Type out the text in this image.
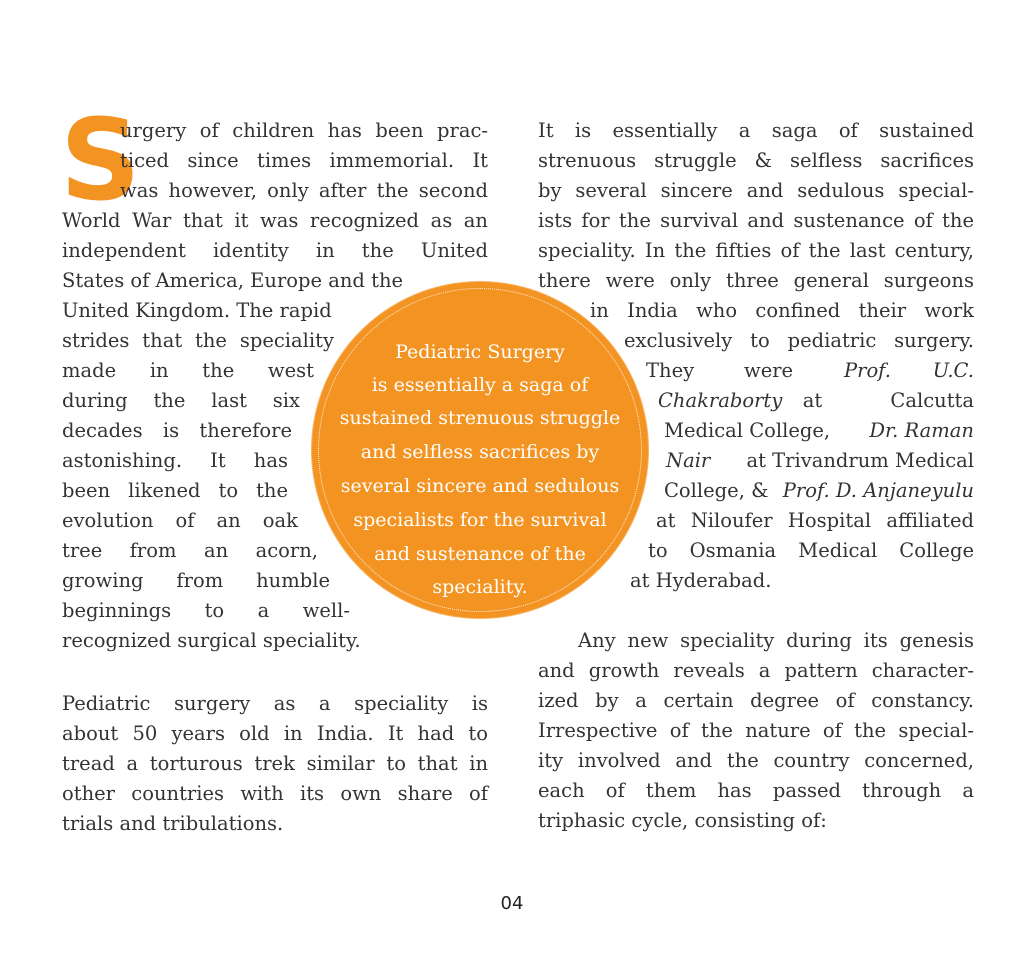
S
urgery of children has been prac-
ticed since times immemorial. It
was however, only after the second
World War that it was recognized as an
independent identity in the United
States of America, Europe and the
United Kingdom. The rapid
strides that the speciality
made in the west
during the last six
decades is therefore
astonishing. It has
been likened to the
evolution of an oak
tree from an acorn,
growing from humble
beginnings to a well-
recognized surgical speciality.
Pediatric surgery as a speciality is
about 50 years old in India. It had to
tread a torturous trek similar to that in
other countries with its own share of
trials and tribulations.
It is essentially a saga of sustained
strenuous struggle & selfless sacrifices
by several sincere and sedulous special-
ists for the survival and sustenance of the
speciality. In the fifties of the last century,
there were only three general surgeons
in India who confined their work
exclusively to pediatric surgery.
They	were	Prof. U.C.
Chakraborty at           Calcutta
Medical College, Dr. Raman
Nair at Trivandrum Medical
College, & Prof. D. Anjaneyulu
at Niloufer Hospital affiliated
to Osmania Medical College
at Hyderabad.
Any new speciality during its genesis
and growth reveals a pattern character-
ized by a certain degree of constancy.
Irrespective of the nature of the special-
ity involved and the country concerned,
each of them has passed through a
triphasic cycle, consisting of:
Pediatric Surgery
is essentially a saga of
sustained strenuous struggle
and selfless sacrifices by
several sincere and sedulous
specialists for the survival
and sustenance of the
speciality.
04
